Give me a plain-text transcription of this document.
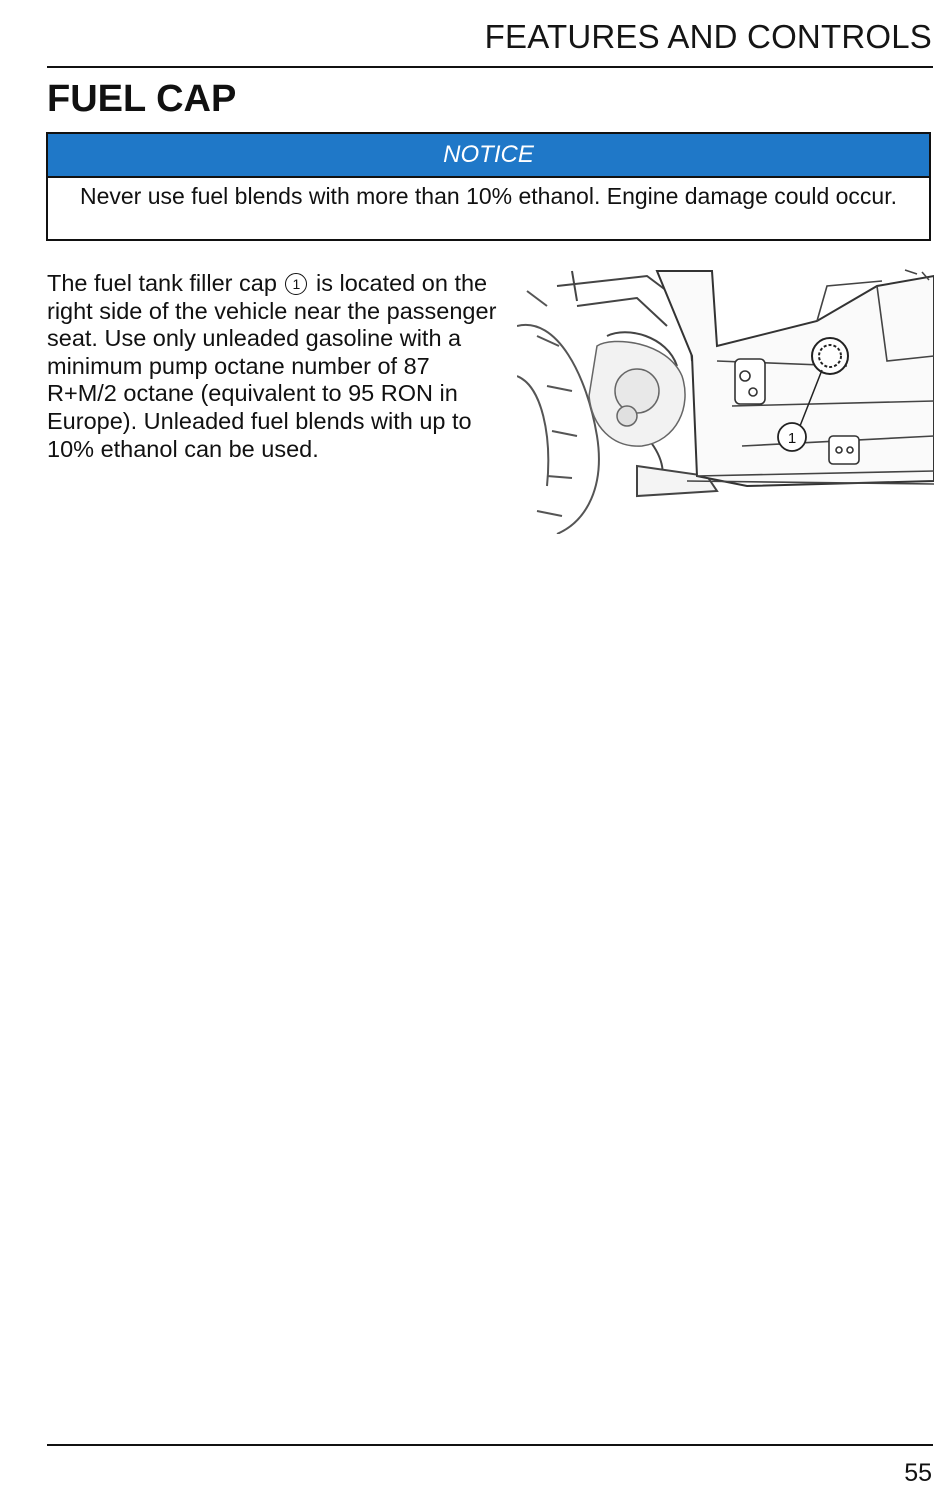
FEATURES AND CONTROLS
FUEL CAP
NOTICE
Never use fuel blends with more than 10% ethanol. Engine damage could occur.
The fuel tank filler cap 1 is located on the right side of the vehicle near the passenger seat. Use only unleaded gasoline with a minimum pump octane number of 87 R+M/2 octane (equivalent to 95 RON in Europe). Unleaded fuel blends with up to 10% ethanol can be used.	1
55
